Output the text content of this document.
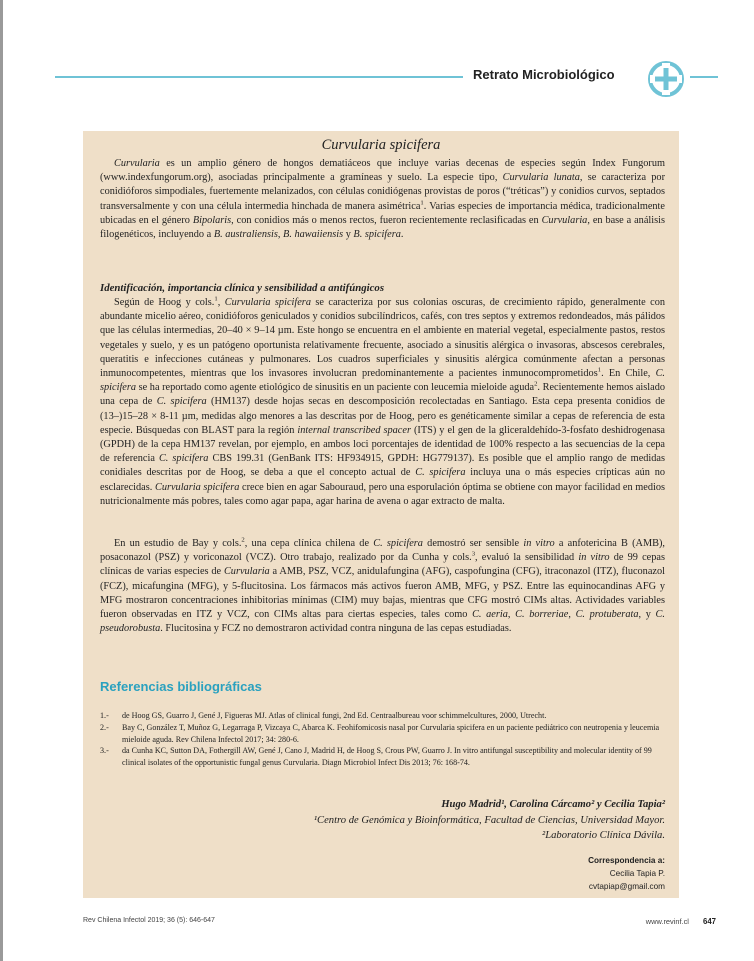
Retrato Microbiológico
Curvularia spicifera

Curvularia es un amplio género de hongos dematiáceos que incluye varias decenas de especies según Index Fungorum (www.indexfungorum.org), asociadas principalmente a gramíneas y suelo. La especie tipo, Curvularia lunata, se caracteriza por conidióforos simpodiales, fuertemente melanizados, con células conidiógenas provistas de poros (“tréticas”) y conidios curvos, septados transversalmente y con una célula intermedia hinchada de manera asimétrica$^1$. Varias especies de importancia médica, tradicionalmente ubicadas en el género Bipolaris, con conidios más o menos rectos, fueron recientemente reclasificadas en Curvularia, en base a análisis filogenéticos, incluyendo a B. australiensis, B. hawaiiensis y B. spicifera.

Identificación, importancia clínica y sensibilidad a antifúngicos

Según de Hoog y cols.$^1$, Curvularia spicifera se caracteriza por sus colonias oscuras, de crecimiento rápido, generalmente con abundante micelio aéreo, conidióforos geniculados y conidios subcilíndricos, cafés, con tres septos y extremos redondeados, más pálidos que las células intermedias, 20–40 × 9–14 µm. Este hongo se encuentra en el ambiente en material vegetal, especialmente pastos, restos vegetales y suelo, y es un patógeno oportunista relativamente frecuente, asociado a sinusitis alérgica o invasoras, abscesos cerebrales, queratitis e infecciones cutáneas y pulmonares. Los cuadros superficiales y sinusitis alérgica comúnmente afectan a personas inmunocompetentes, mientras que los invasores involucran predominantemente a pacientes inmunocomprometidos$^1$. En Chile, C. spicifera se ha reportado como agente etiológico de sinusitis en un paciente con leucemia mieloide aguda$^2$. Recientemente hemos aislado una cepa de C. spicifera (HM137) desde hojas secas en descomposición recolectadas en Santiago. Esta cepa presenta conidios de (13–)15–28 × 8-11 µm, medidas algo menores a las descritas por de Hoog, pero es genéticamente similar a cepas de referencia de esta especie. Búsquedas con BLAST para la región internal transcribed spacer (ITS) y el gen de la gliceraldehído-3-fosfato deshidrogenasa (GPDH) de la cepa HM137 revelan, por ejemplo, en ambos loci porcentajes de identidad de 100% respecto a las secuencias de la cepa de referencia C. spicifera CBS 199.31 (GenBank ITS: HF934915, GPDH: HG779137). Es posible que el amplio rango de medidas conidiales descritas por de Hoog, se deba a que el concepto actual de C. spicifera incluya una o más especies crípticas aún no esclarecidas. Curvularia spicifera crece bien en agar Sabouraud, pero una esporulación óptima se obtiene con mayor facilidad en medios nutricionalmente más pobres, tales como agar papa, agar harina de avena o agar extracto de malta.

En un estudio de Bay y cols.$^2$, una cepa clínica chilena de C. spicifera demostró ser sensible in vitro a anfotericina B (AMB), posaconazol (PSZ) y voriconazol (VCZ). Otro trabajo, realizado por da Cunha y cols.$^3$, evaluó la sensibilidad in vitro de 99 cepas clínicas de varias especies de Curvularia a AMB, PSZ, VCZ, anidulafungina (AFG), caspofungina (CFG), itraconazol (ITZ), fluconazol (FCZ), micafungina (MFG), y 5-flucitosina. Los fármacos más activos fueron AMB, MFG, y PSZ. Entre las equinocandinas AFG y MFG mostraron concentraciones inhibitorias mínimas (CIM) muy bajas, mientras que CFG mostró CIMs altas. Actividades variables fueron observadas en ITZ y VCZ, con CIMs altas para ciertas especies, tales como C. aeria, C. borreriae, C. protuberata, y C. pseudorobusta. Flucitosina y FCZ no demostraron actividad contra ninguna de las cepas estudiadas.

Referencias bibliográficas
1.-	de Hoog GS, Guarro J, Gené J, Figueras MJ. Atlas of clinical fungi, 2nd Ed. Centraalbureau voor schimmelcultures, 2000, Utrecht.
2.-	Bay C, González T, Muñoz G, Legarraga P, Vizcaya C, Abarca K. Feohifomicosis nasal por Curvularia spicifera en un paciente pediátrico con neutropenia y leucemia mieloide aguda. Rev Chilena Infectol 2017; 34: 280-6.
3.-	da Cunha KC, Sutton DA, Fothergill AW, Gené J, Cano J, Madrid H, de Hoog S, Crous PW, Guarro J. In vitro antifungal susceptibility and molecular identity of 99 clinical isolates of the opportunistic fungal genus Curvularia. Diagn Microbiol Infect Dis 2013; 76: 168-74.
Hugo Madrid¹, Carolina Cárcamo² y Cecilia Tapia²
¹Centro de Genómica y Bioinformática, Facultad de Ciencias, Universidad Mayor.
²Laboratorio Clínica Dávila.
Correspondencia a:
Cecilia Tapia P.
cvtapiap@gmail.com
Rev Chilena Infectol 2019; 36 (5): 646-647	www.revinf.cl 647
